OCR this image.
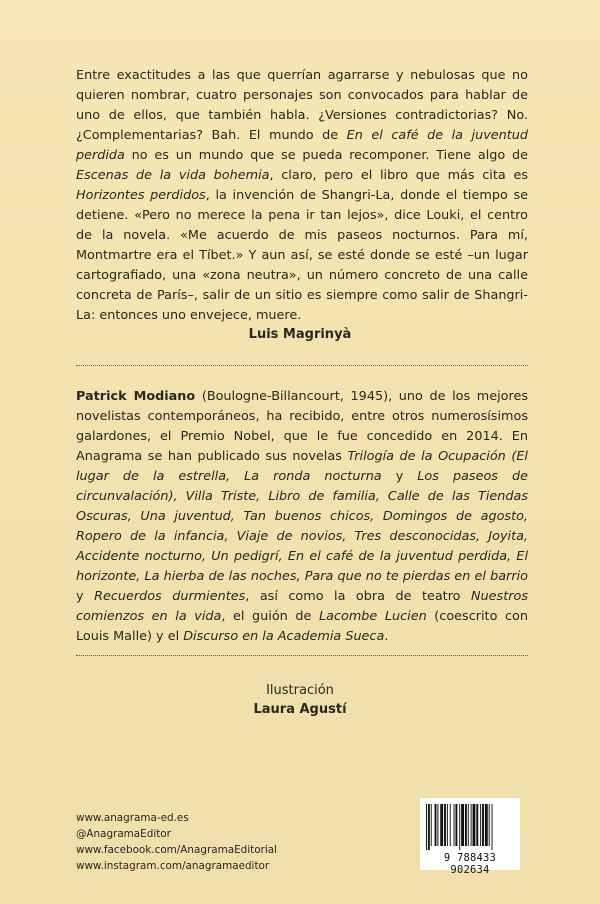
Entre exactitudes a las que querrían agarrarse y nebulosas que no quieren nombrar, cuatro personajes son convocados para hablar de uno de ellos, que también habla. ¿Versiones contradictorias? No. ¿Complementarias? Bah. El mundo de En el café de la juventud perdida no es un mundo que se pueda recomponer. Tiene algo de Escenas de la vida bohemia, claro, pero el libro que más cita es Horizontes perdidos, la invención de Shangri-La, donde el tiempo se detiene. «Pero no merece la pena ir tan lejos», dice Louki, el centro de la novela. «Me acuerdo de mis paseos nocturnos. Para mí, Montmartre era el Tíbet.» Y aun así, se esté donde se esté –un lugar cartografiado, una «zona neutra», un número concreto de una calle concreta de París–, salir de un sitio es siempre como salir de Shangri-La: entonces uno envejece, muere.
Luis Magrinyà
Patrick Modiano (Boulogne-Billancourt, 1945), uno de los mejores novelistas contemporáneos, ha recibido, entre otros numerosísimos galardones, el Premio Nobel, que le fue concedido en 2014. En Anagrama se han publicado sus novelas Trilogía de la Ocupación (El lugar de la estrella, La ronda nocturna y Los paseos de circunvalación), Villa Triste, Libro de familia, Calle de las Tiendas Oscuras, Una juventud, Tan buenos chicos, Domingos de agosto, Ropero de la infancia, Viaje de novios, Tres desconocidas, Joyita, Accidente nocturno, Un pedigrí, En el café de la juventud perdida, El horizonte, La hierba de las noches, Para que no te pierdas en el barrio y Recuerdos durmientes, así como la obra de teatro Nuestros comienzos en la vida, el guión de Lacombe Lucien (coescrito con Louis Malle) y el Discurso en la Academia Sueca.
Ilustración
Laura Agustí
www.anagrama-ed.es
@AnagramaEditor
www.facebook.com/AnagramaEditorial
www.instagram.com/anagramaeditor
9 788433 902634
